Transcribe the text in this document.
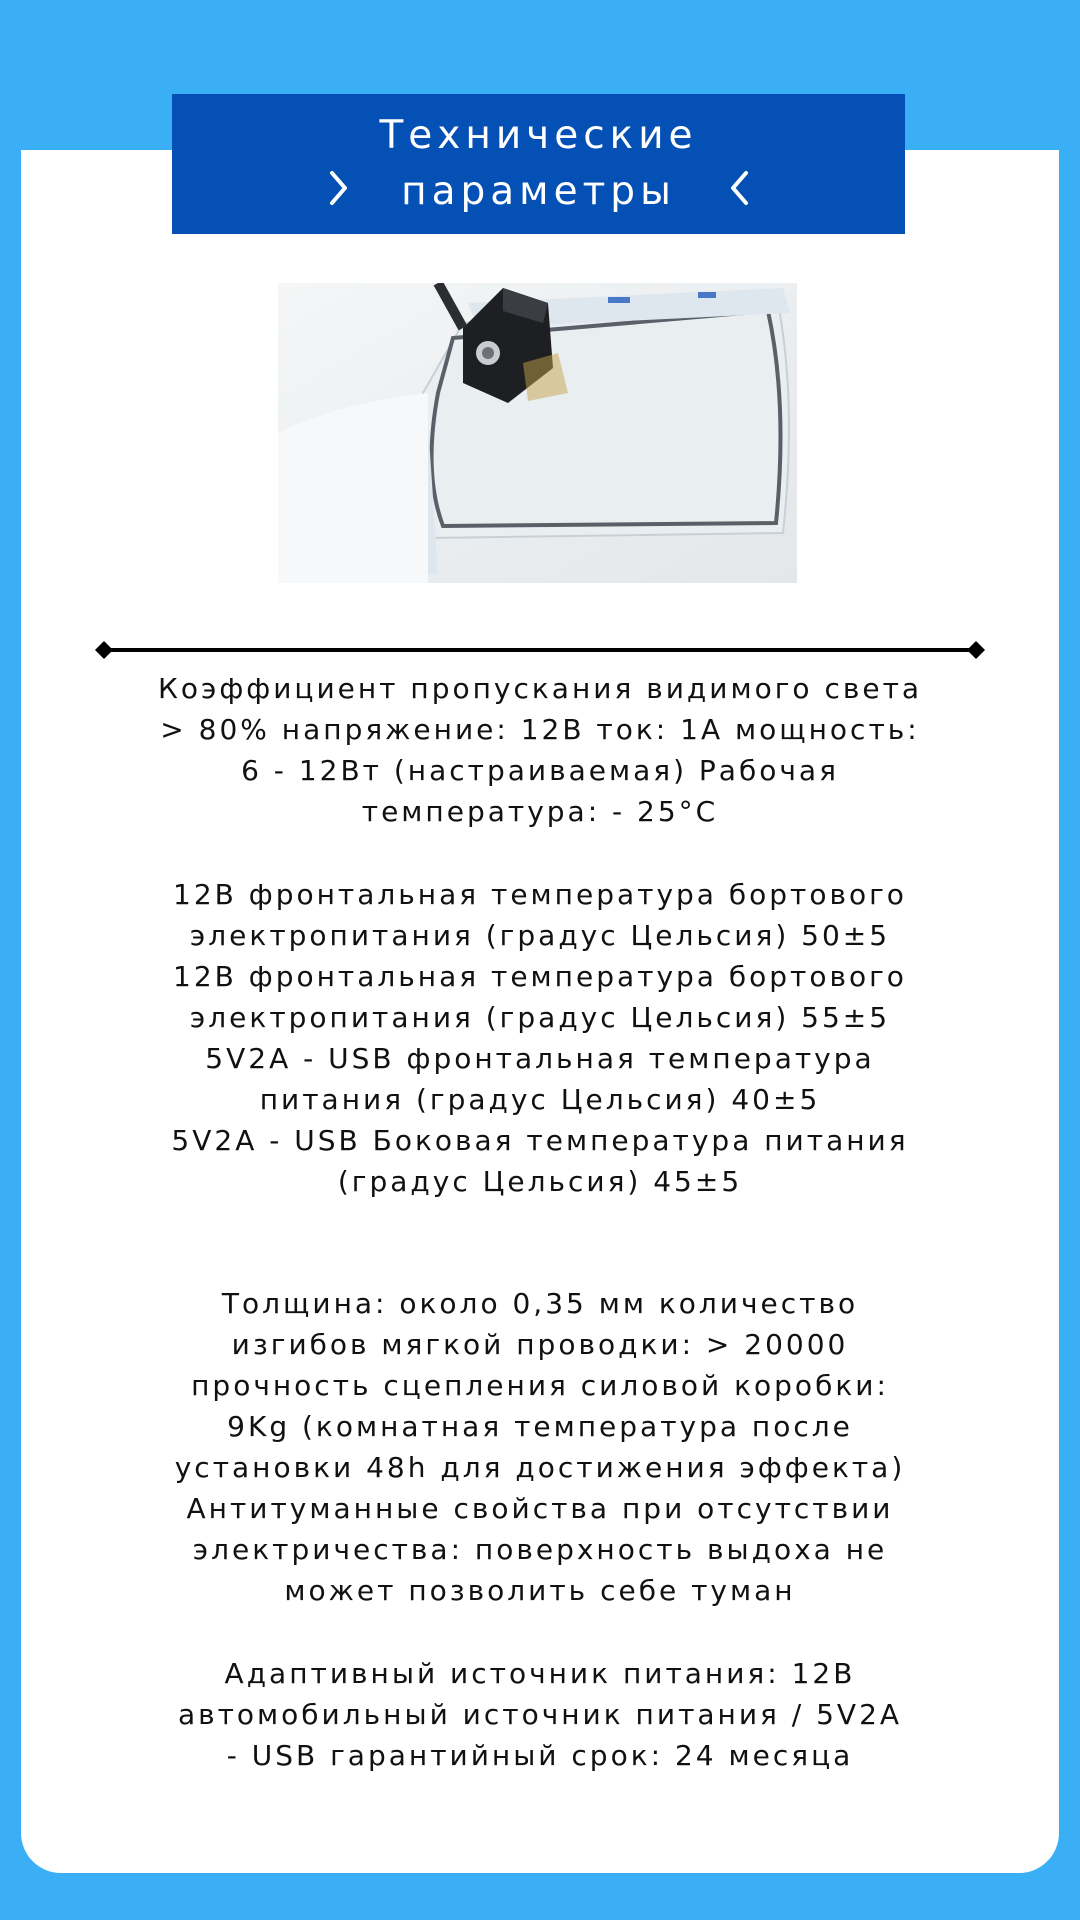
Технические
параметры

Коэффициент пропускания видимого света

> 80% напряжение: 12В ток: 1А мощность:

6 - 12Вт (настраиваемая) Рабочая

температура: - 25°С

12В фронтальная температура бортового

электропитания (градус Цельсия) 50±5

12В фронтальная температура бортового

электропитания (градус Цельсия) 55±5

5V2A - USB фронтальная температура

питания (градус Цельсия) 40±5

5V2A - USB Боковая температура питания

(градус Цельсия) 45±5

Толщина: около 0,35 мм количество

изгибов мягкой проводки: > 20000

прочность сцепления силовой коробки:

9Kg (комнатная температура после

установки 48h для достижения эффекта)

Антитуманные свойства при отсутствии

электричества: поверхность выдоха не

может позволить себе туман

Адаптивный источник питания: 12В

автомобильный источник питания / 5V2A

- USB гарантийный срок: 24 месяца
